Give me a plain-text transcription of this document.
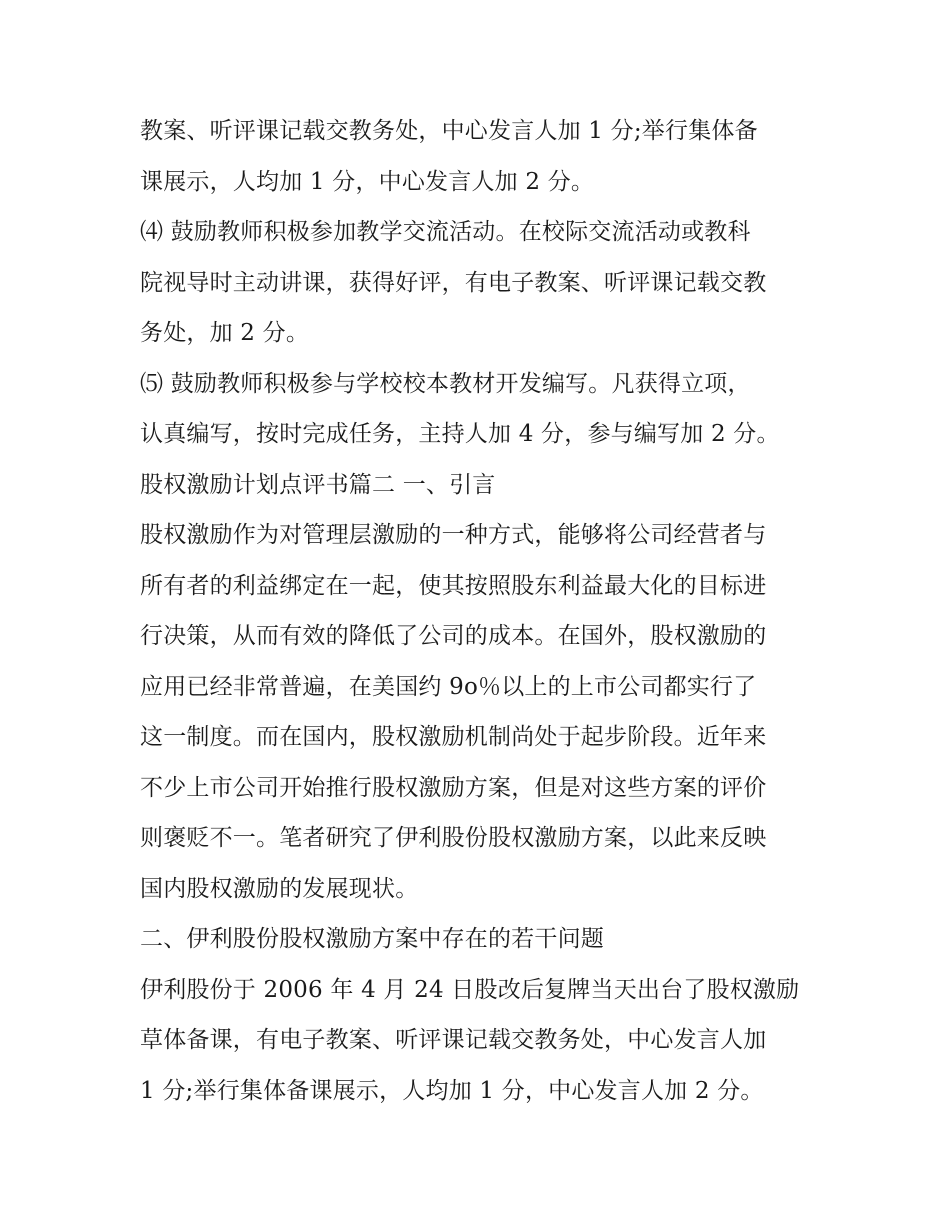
教案、听评课记载交教务处，中心发言人加 1 分;举行集体备
课展示，人均加 1 分，中心发言人加 2 分。
⑷ 鼓励教师积极参加教学交流活动。在校际交流活动或教科
院视导时主动讲课，获得好评，有电子教案、听评课记载交教
务处，加 2 分。
⑸ 鼓励教师积极参与学校校本教材开发编写。凡获得立项，
认真编写，按时完成任务，主持人加 4 分，参与编写加 2 分。
股权激励计划点评书篇二 一、引言
股权激励作为对管理层激励的一种方式，能够将公司经营者与
所有者的利益绑定在一起，使其按照股东利益最大化的目标进
行决策，从而有效的降低了公司的成本。在国外，股权激励的
应用已经非常普遍，在美国约 9o％以上的上市公司都实行了
这一制度。而在国内，股权激励机制尚处于起步阶段。近年来
不少上市公司开始推行股权激励方案，但是对这些方案的评价
则褒贬不一。笔者研究了伊利股份股权激励方案，以此来反映
国内股权激励的发展现状。
二、伊利股份股权激励方案中存在的若干问题
伊利股份于 2006 年 4 月 24 日股改后复牌当天出台了股权激励
草体备课，有电子教案、听评课记载交教务处，中心发言人加
1 分;举行集体备课展示，人均加 1 分，中心发言人加 2 分。
